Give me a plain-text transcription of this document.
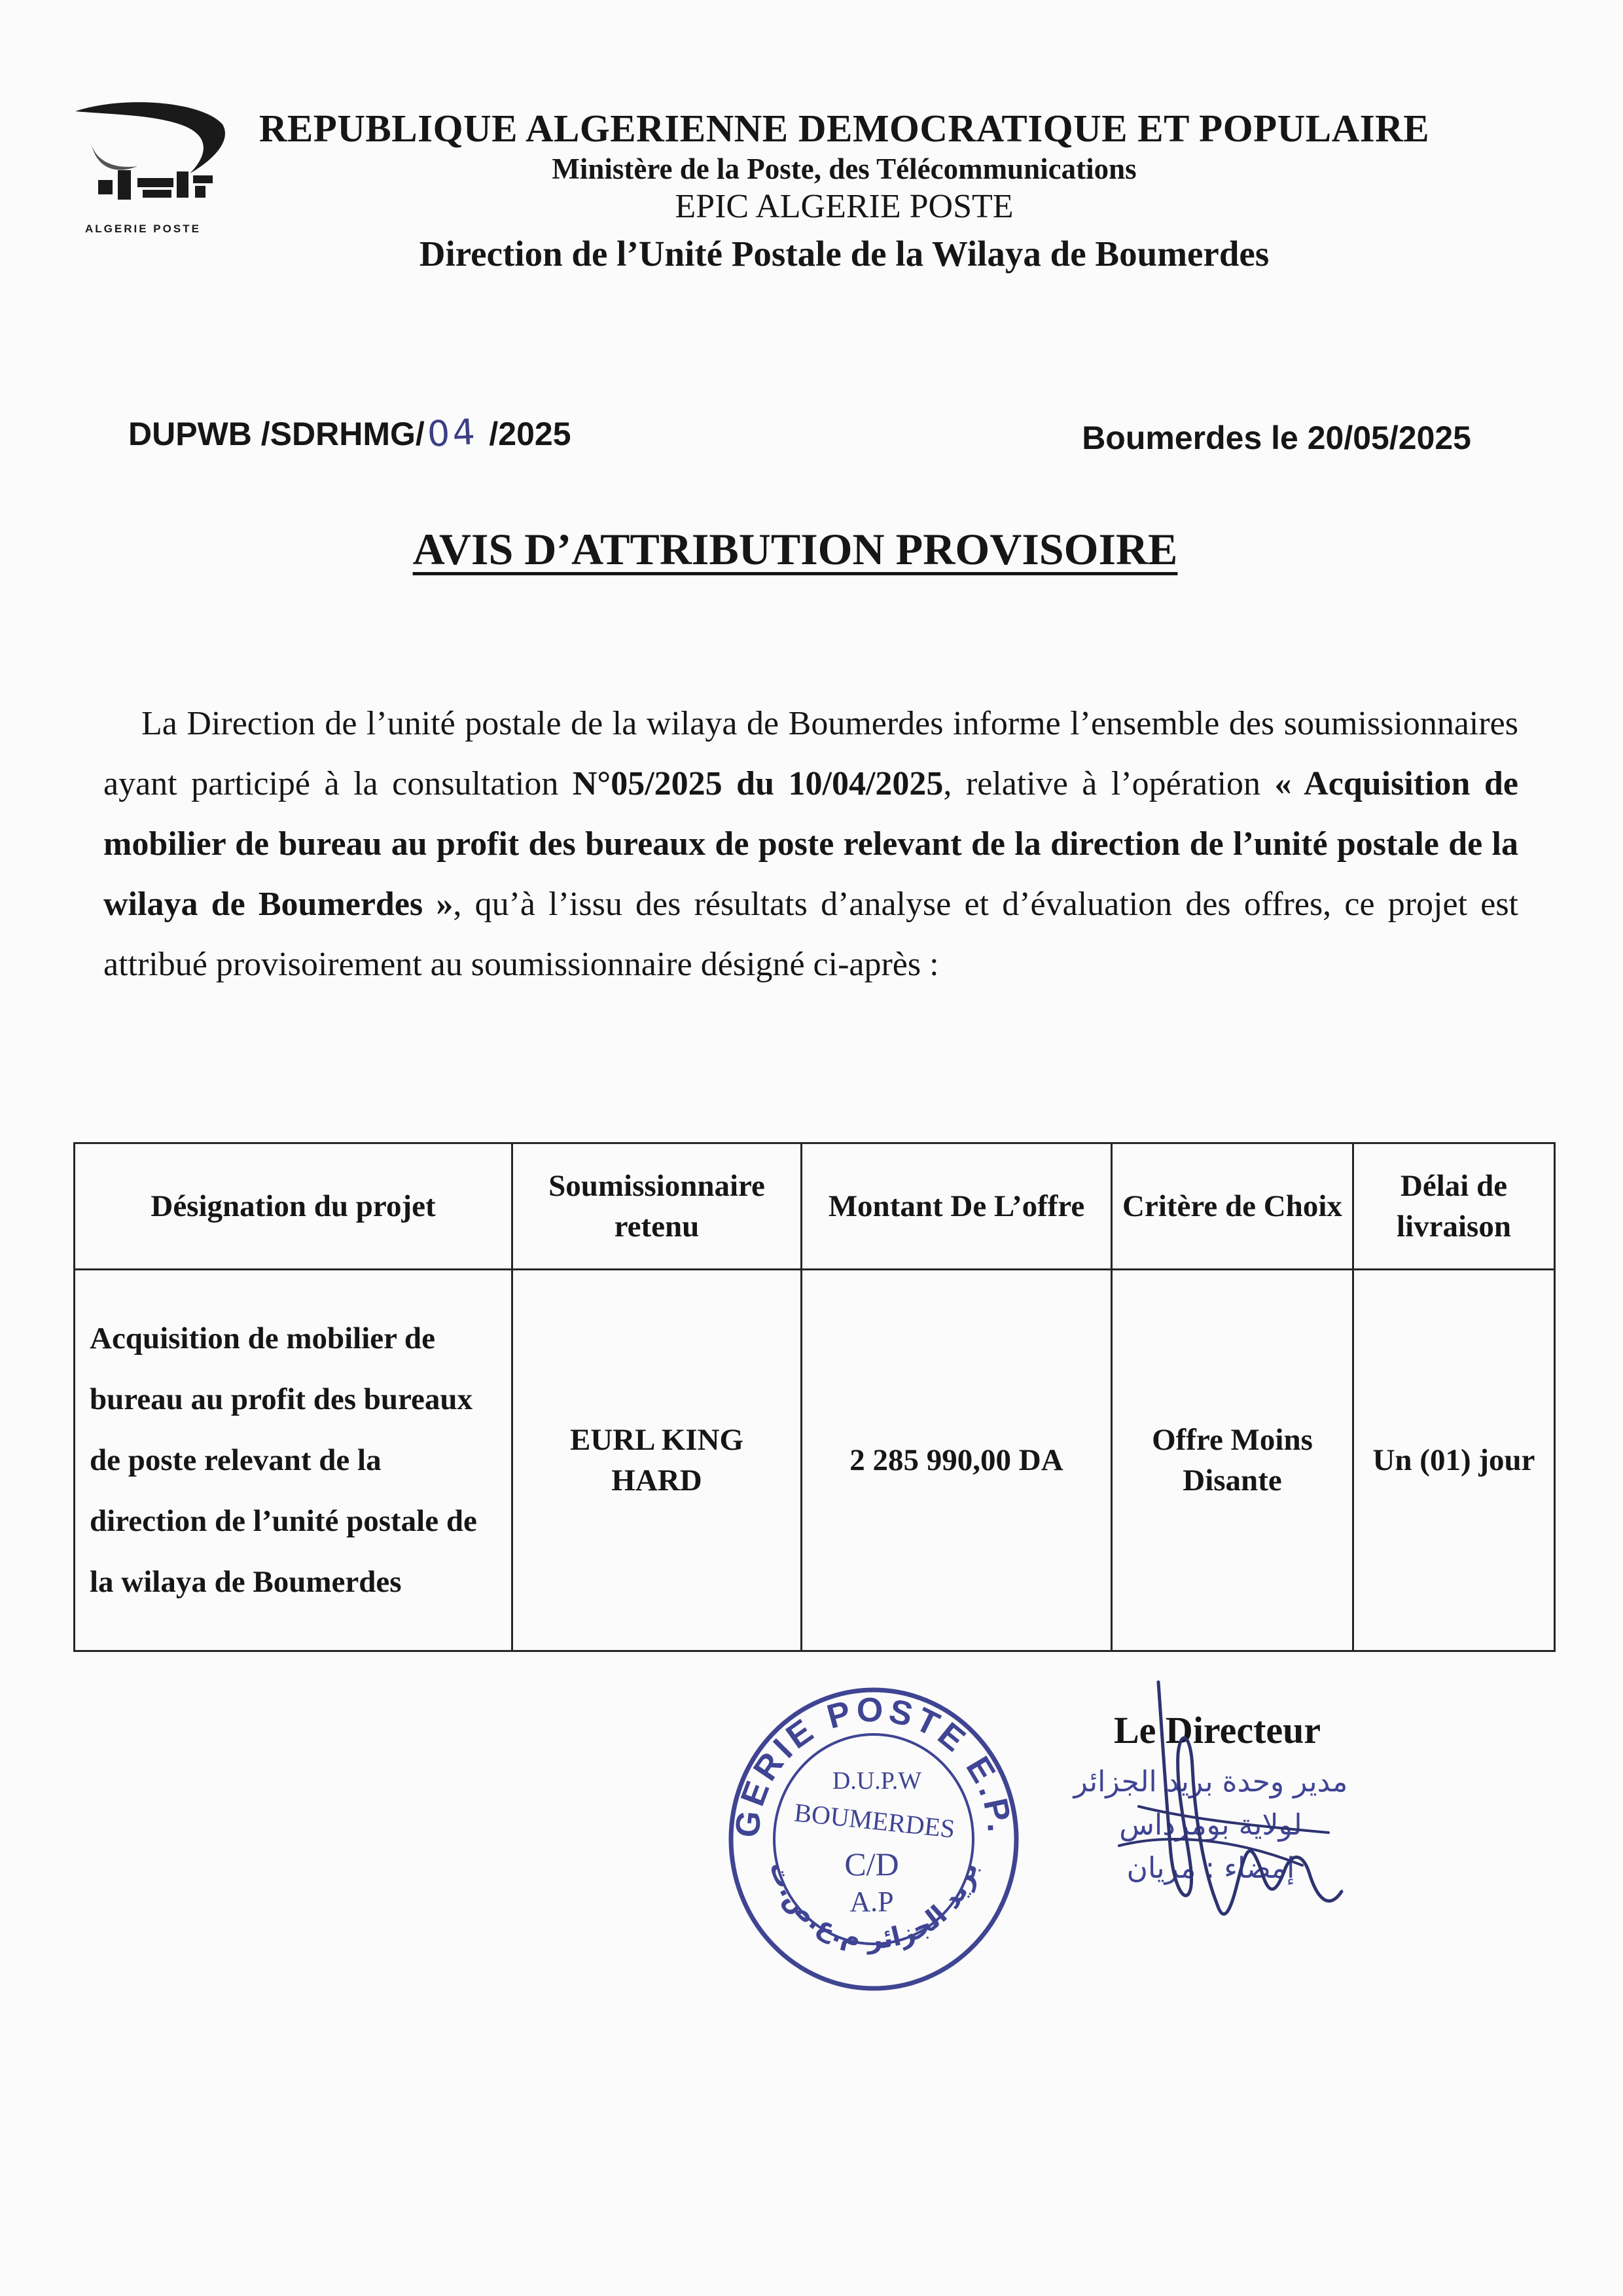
ALGERIE POSTE
REPUBLIQUE ALGERIENNE DEMOCRATIQUE ET POPULAIRE
Ministère de la Poste, des Télécommunications
EPIC ALGERIE POSTE
Direction de l’Unité Postale de la Wilaya de Boumerdes
DUPWB /SDRHMG/04 /2025	Boumerdes le 20/05/2025
AVIS D’ATTRIBUTION PROVISOIRE
La Direction de l’unité postale de la wilaya de Boumerdes informe l’ensemble des soumissionnaires ayant participé à la consultation N°05/2025 du 10/04/2025, relative à l’opération « Acquisition de mobilier de bureau au profit des bureaux de poste relevant de la direction de l’unité postale de la wilaya de Boumerdes », qu’à l’issu des résultats d’analyse et d’évaluation des offres, ce projet est attribué provisoirement au soumissionnaire désigné ci-après :
Désignation du projet	Soumissionnaire retenu	Montant De L’offre	Critère de Choix	Délai de livraison
Acquisition de mobilier de bureau au profit des bureaux de poste relevant de la direction de l’unité postale de la wilaya de Boumerdes	EURL KING HARD	2 285 990,00 DA	Offre Moins Disante	Un (01) jour
GERIE POSTE E.P.
بريد الجزائر م.ع.ص.ت
D.U.P.W
BOUMERDES
C/D
A.P
مدير وحدة بريد الجزائر
لولاية بومرداس
إمضاء : مريان
Le Directeur
